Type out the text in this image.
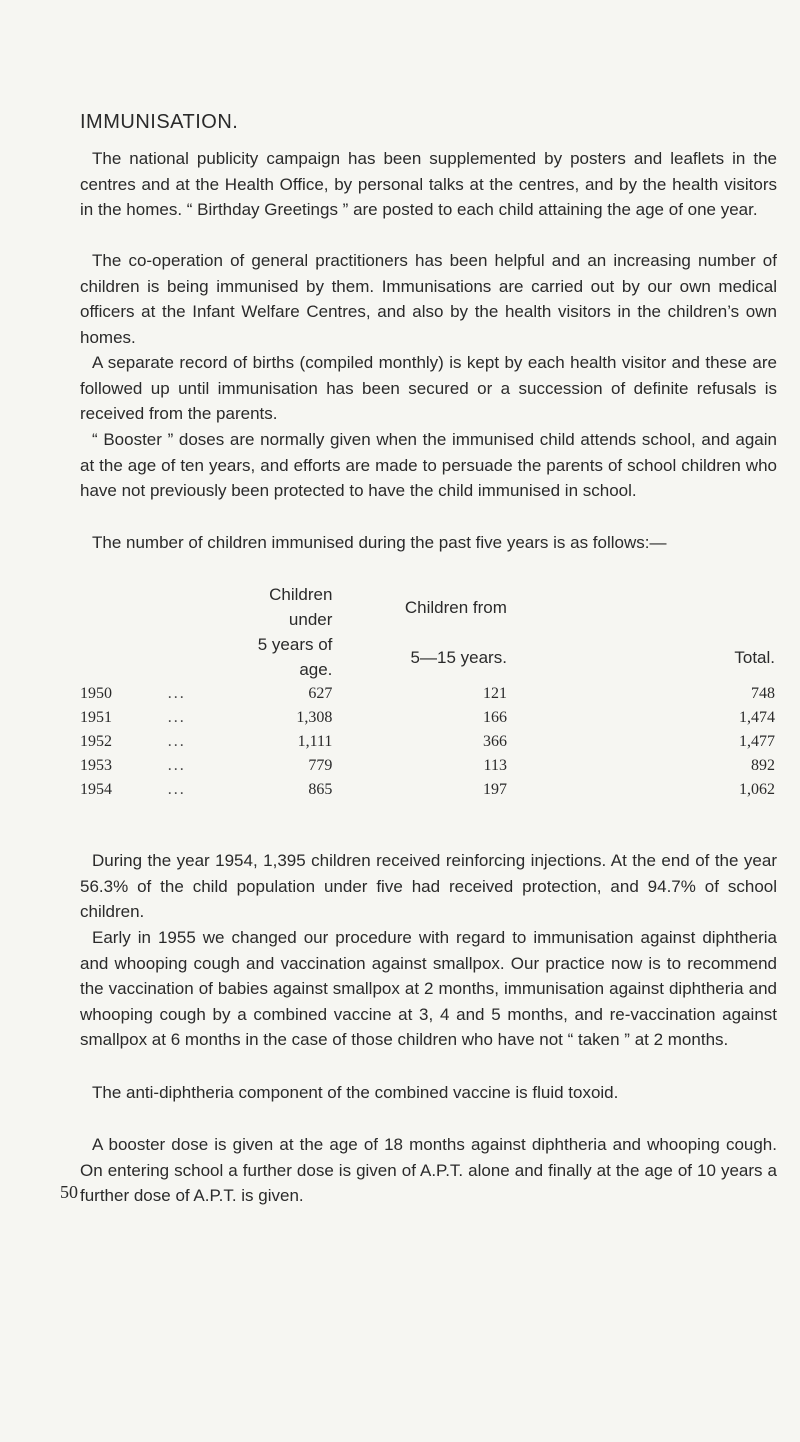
IMMUNISATION.

The national publicity campaign has been supplemented by posters and leaflets in the centres and at the Health Office, by personal talks at the centres, and by the health visitors in the homes. “ Birthday Greetings ” are posted to each child attaining the age of one year.

The co-operation of general practitioners has been helpful and an increasing number of children is being immunised by them. Immunisations are carried out by our own medical officers at the Infant Welfare Centres, and also by the health visitors in the children’s own homes.

A separate record of births (compiled monthly) is kept by each health visitor and these are followed up until immunisation has been secured or a succession of definite refusals is received from the parents.

“ Booster ” doses are normally given when the immunised child attends school, and again at the age of ten years, and efforts are made to persuade the parents of school children who have not previously been protected to have the child immunised in school.

The number of children immunised during the past five years is as follows:—

		Children under	Children from	
		5 years of age.	5—15 years.	Total.
1950	...	627	121	748
1951	...	1,308	166	1,474
1952	...	1,111	366	1,477
1953	...	779	113	892
1954	...	865	197	1,062

During the year 1954, 1,395 children received reinforcing injections. At the end of the year 56.3% of the child population under five had received protection, and 94.7% of school children.

Early in 1955 we changed our procedure with regard to immunisation against diphtheria and whooping cough and vaccination against smallpox. Our practice now is to recommend the vaccination of babies against smallpox at 2 months, immunisation against diphtheria and whooping cough by a combined vaccine at 3, 4 and 5 months, and re-vaccination against smallpox at 6 months in the case of those children who have not “ taken ” at 2 months.

The anti-diphtheria component of the combined vaccine is fluid toxoid.

A booster dose is given at the age of 18 months against diphtheria and whooping cough. On entering school a further dose is given of A.P.T. alone and finally at the age of 10 years a further dose of A.P.T. is given.

50
